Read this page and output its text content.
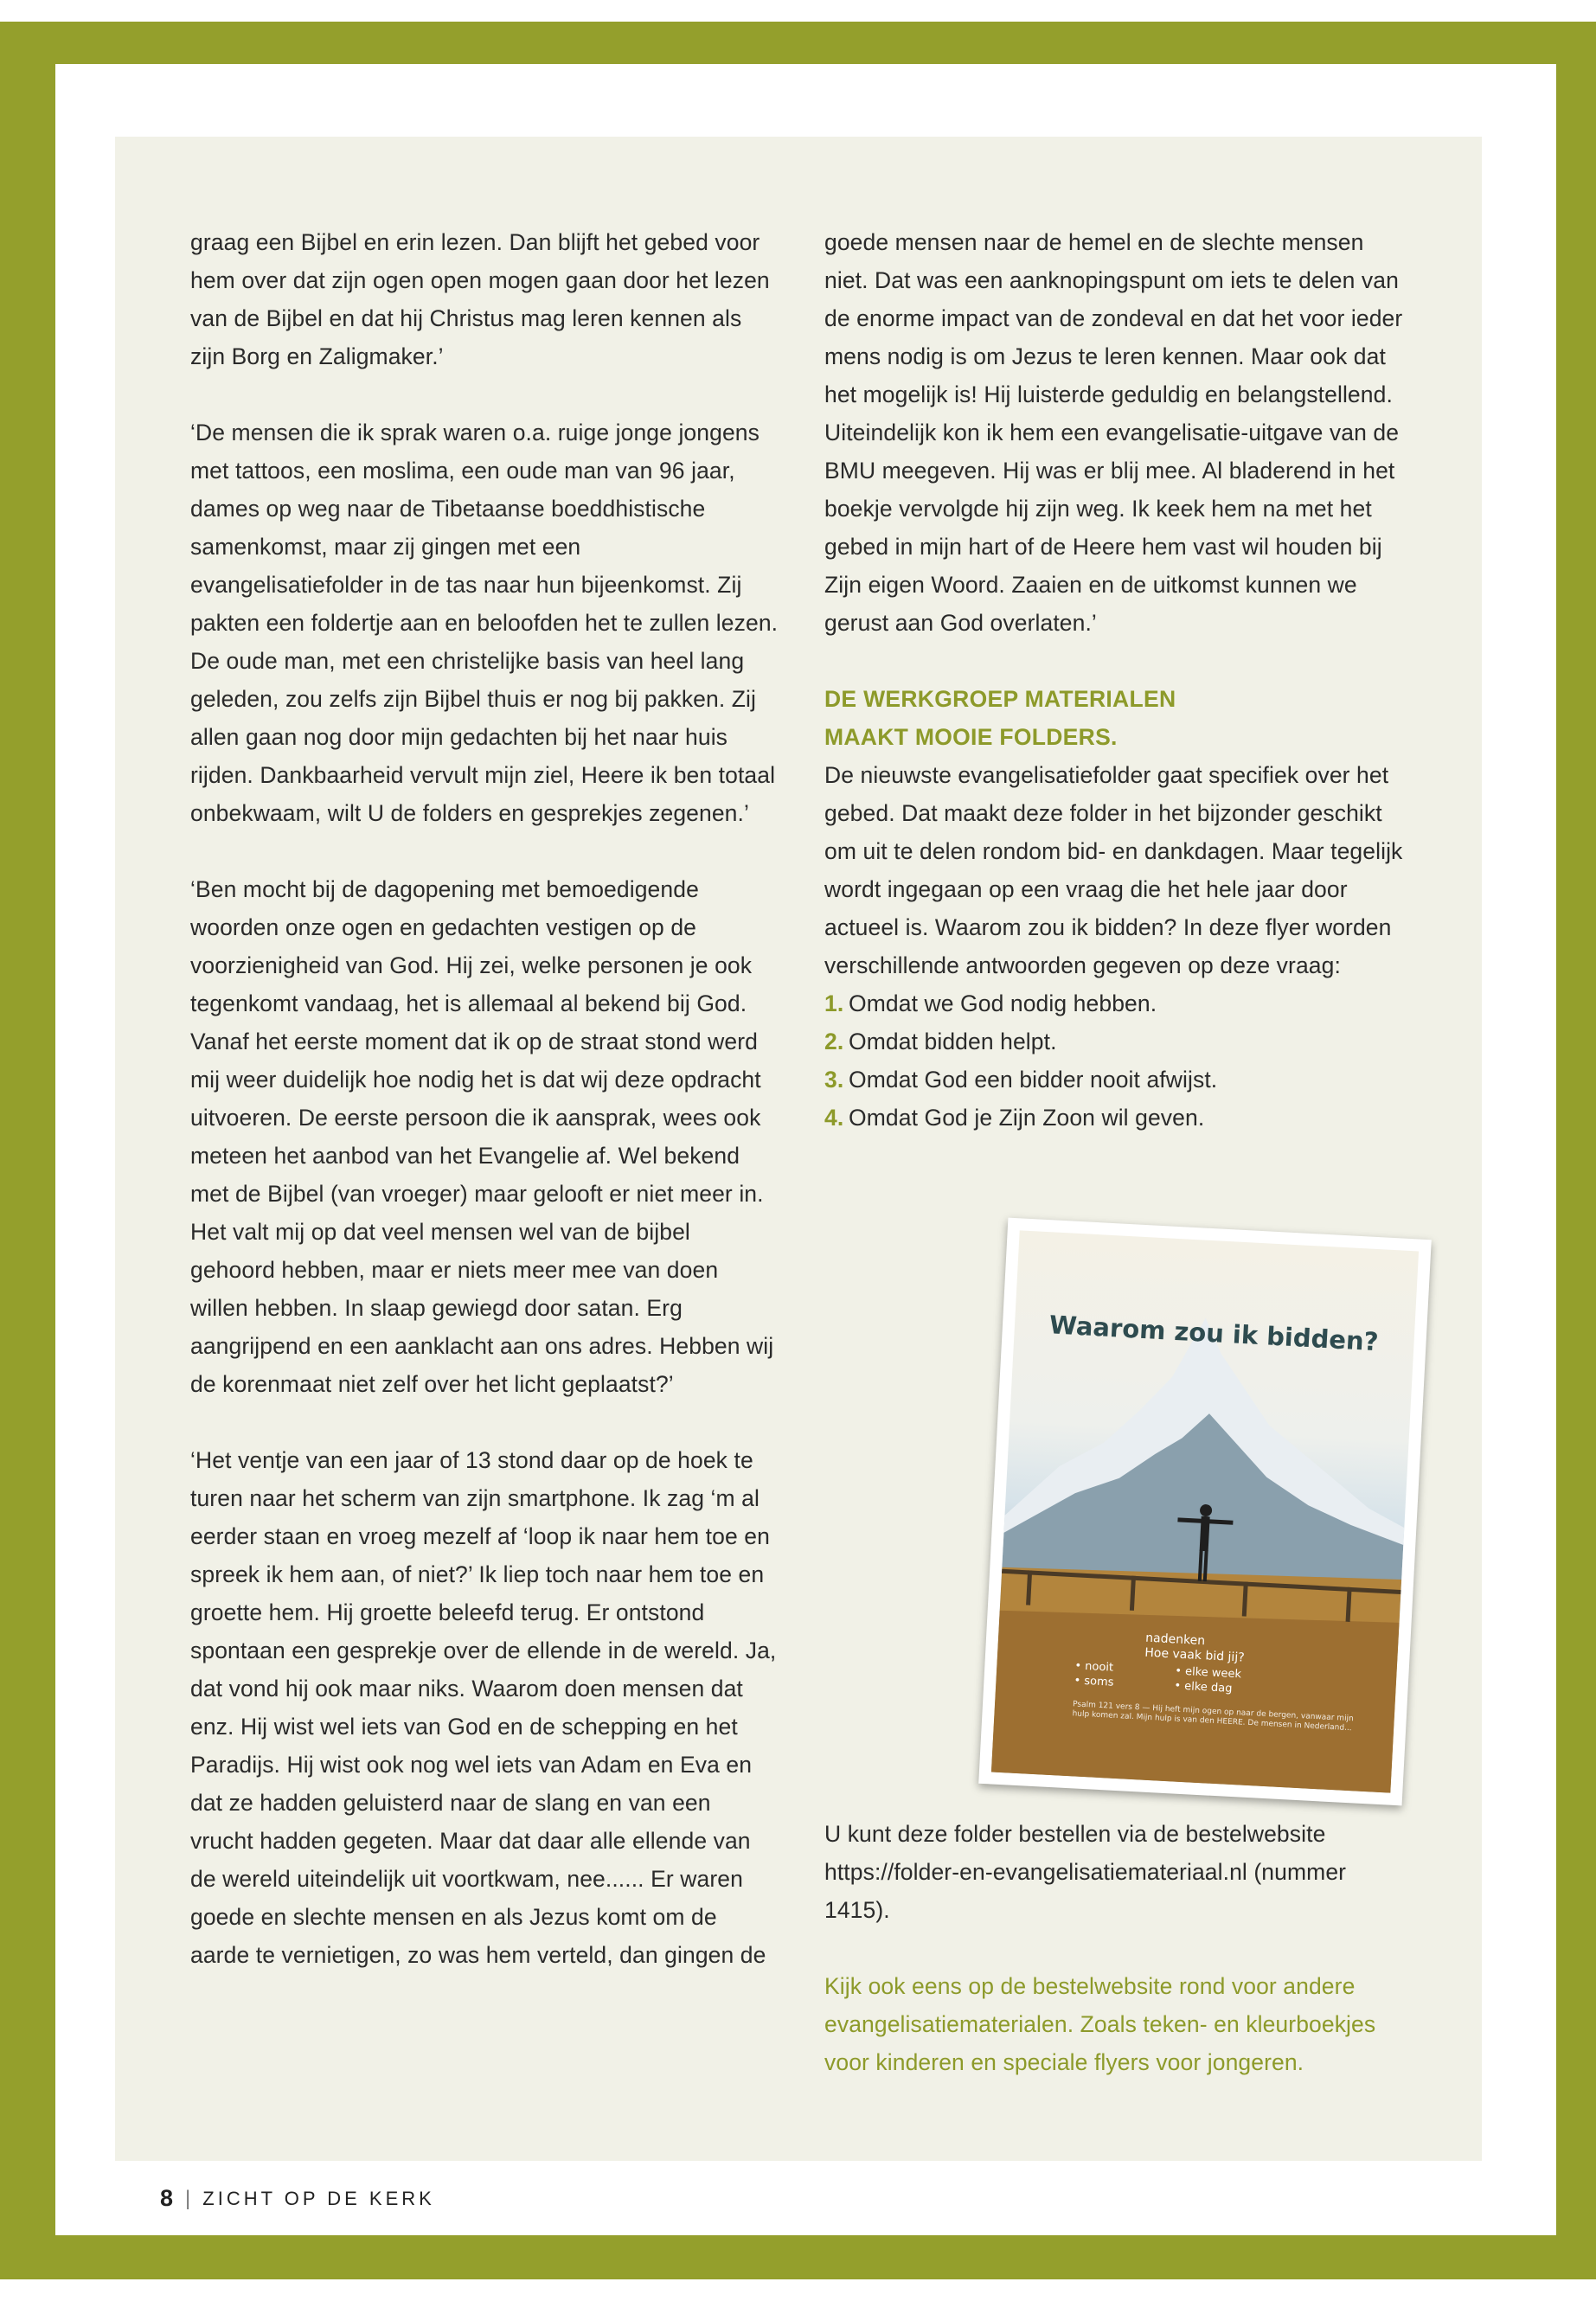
graag een Bijbel en erin lezen. Dan blijft het gebed voor hem over dat zijn ogen open mogen gaan door het lezen van de Bijbel en dat hij Christus mag leren kennen als zijn Borg en Zaligmaker.’

‘De mensen die ik sprak waren o.a. ruige jonge jongens met tattoos, een moslima, een oude man van 96 jaar, dames op weg naar de Tibetaanse boeddhistische samenkomst, maar zij gingen met een evangelisatiefolder in de tas naar hun bijeenkomst. Zij pakten een foldertje aan en beloofden het te zullen lezen. De oude man, met een christelijke basis van heel lang geleden, zou zelfs zijn Bijbel thuis er nog bij pakken. Zij allen gaan nog door mijn gedachten bij het naar huis rijden. Dankbaarheid vervult mijn ziel, Heere ik ben totaal onbekwaam, wilt U de folders en gesprekjes zegenen.’

‘Ben mocht bij de dagopening met bemoedigende woorden onze ogen en gedachten vestigen op de voorzienigheid van God. Hij zei, welke personen je ook tegenkomt vandaag, het is allemaal al bekend bij God. Vanaf het eerste moment dat ik op de straat stond werd mij weer duidelijk hoe nodig het is dat wij deze opdracht uitvoeren. De eerste persoon die ik aansprak, wees ook meteen het aanbod van het Evangelie af. Wel bekend met de Bijbel (van vroeger) maar gelooft er niet meer in. Het valt mij op dat veel mensen wel van de bijbel gehoord hebben, maar er niets meer mee van doen willen hebben. In slaap gewiegd door satan. Erg aangrijpend en een aanklacht aan ons adres. Hebben wij de korenmaat niet zelf over het licht geplaatst?’

‘Het ventje van een jaar of 13 stond daar op de hoek te turen naar het scherm van zijn smartphone. Ik zag ‘m al eerder staan en vroeg mezelf af ‘loop ik naar hem toe en spreek ik hem aan, of niet?’ Ik liep toch naar hem toe en groette hem. Hij groette beleefd terug. Er ontstond spontaan een gesprekje over de ellende in de wereld. Ja, dat vond hij ook maar niks. Waarom doen mensen dat enz. Hij wist wel iets van God en de schepping en het Paradijs. Hij wist ook nog wel iets van Adam en Eva en dat ze hadden geluisterd naar de slang en van een vrucht hadden gegeten. Maar dat daar alle ellende van de wereld uiteindelijk uit voortkwam, nee...... Er waren goede en slechte mensen en als Jezus komt om de aarde te vernietigen, zo was hem verteld, dan gingen de

goede mensen naar de hemel en de slechte mensen niet. Dat was een aanknopingspunt om iets te delen van de enorme impact van de zondeval en dat het voor ieder mens nodig is om Jezus te leren kennen. Maar ook dat het mogelijk is! Hij luisterde geduldig en belangstellend. Uiteindelijk kon ik hem een evangelisatie-uitgave van de BMU meegeven. Hij was er blij mee. Al bladerend in het boekje vervolgde hij zijn weg. Ik keek hem na met het gebed in mijn hart of de Heere hem vast wil houden bij Zijn eigen Woord. Zaaien en de uitkomst kunnen we gerust aan God overlaten.’

DE WERKGROEP MATERIALEN
MAAKT MOOIE FOLDERS.

De nieuwste evangelisatiefolder gaat specifiek over het gebed. Dat maakt deze folder in het bijzonder geschikt om uit te delen rondom bid- en dankdagen. Maar tegelijk wordt ingegaan op een vraag die het hele jaar door actueel is. Waarom zou ik bidden? In deze flyer worden verschillende antwoorden gegeven op deze vraag:

1. Omdat we God nodig hebben.
2. Omdat bidden helpt.
3. Omdat God een bidder nooit afwijst.
4. Omdat God je Zijn Zoon wil geven.
Waarom zou ik bidden?
nadenken
Hoe vaak bid jij?
• nooit
• soms
• elke week
• elke dag
Psalm 121 vers 8 — Hij heft mijn ogen op naar de bergen, vanwaar mijn hulp komen zal. Mijn hulp is van den HEERE. De mensen in Nederland...

U kunt deze folder bestellen via de bestelwebsite https://folder-en-evangelisatiemateriaal.nl (nummer 1415).

Kijk ook eens op de bestelwebsite rond voor andere evangelisatiematerialen. Zoals teken- en kleurboekjes voor kinderen en speciale flyers voor jongeren.

8 | ZICHT OP DE KERK
